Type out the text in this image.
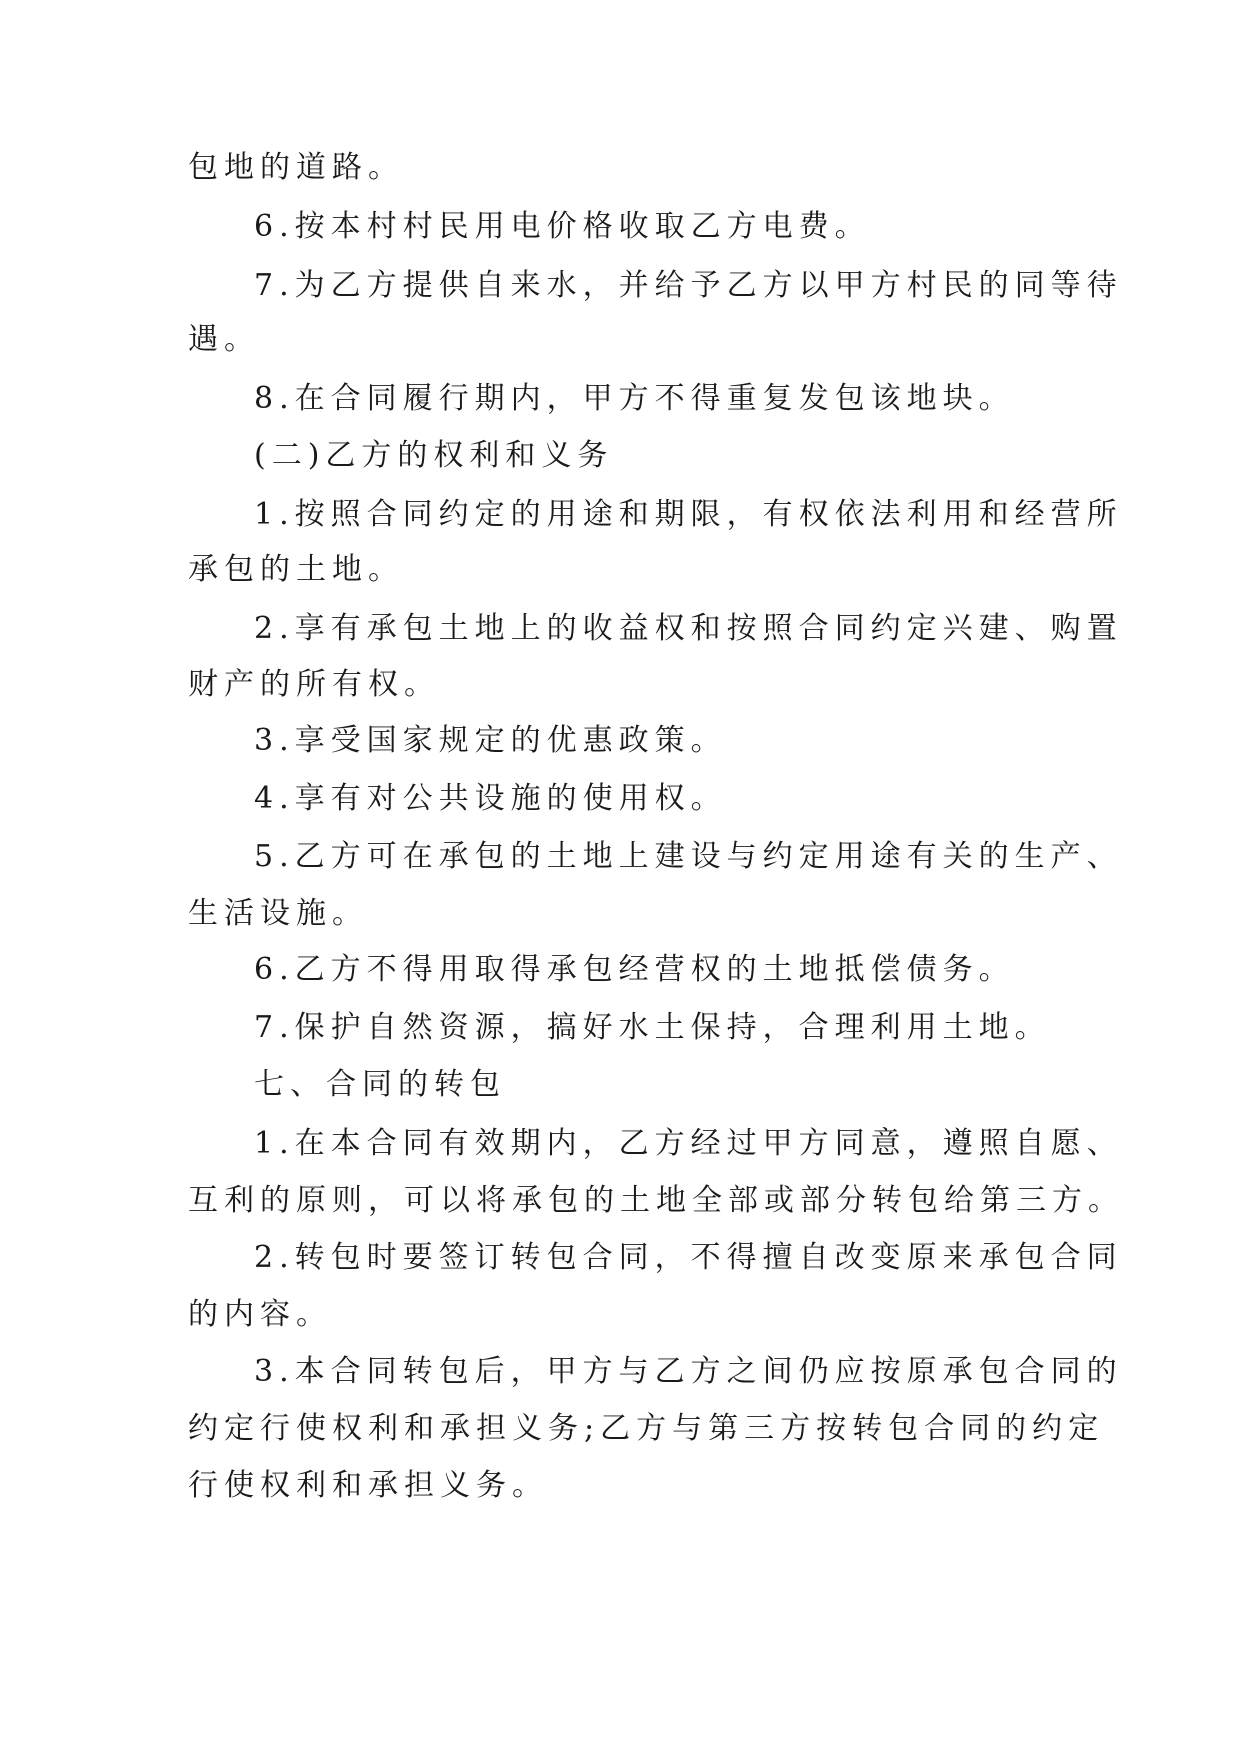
包地的道路。
6.按本村村民用电价格收取乙方电费。
7.为乙方提供自来水，并给予乙方以甲方村民的同等待
遇。
8.在合同履行期内，甲方不得重复发包该地块。
(二)乙方的权利和义务
1.按照合同约定的用途和期限，有权依法利用和经营所
承包的土地。
2.享有承包土地上的收益权和按照合同约定兴建、购置
财产的所有权。
3.享受国家规定的优惠政策。
4.享有对公共设施的使用权。
5.乙方可在承包的土地上建设与约定用途有关的生产、
生活设施。
6.乙方不得用取得承包经营权的土地抵偿债务。
7.保护自然资源，搞好水土保持，合理利用土地。
七、合同的转包
1.在本合同有效期内，乙方经过甲方同意，遵照自愿、
互利的原则，可以将承包的土地全部或部分转包给第三方。
2.转包时要签订转包合同，不得擅自改变原来承包合同
的内容。
3.本合同转包后，甲方与乙方之间仍应按原承包合同的
约定行使权利和承担义务;乙方与第三方按转包合同的约定
行使权利和承担义务。
